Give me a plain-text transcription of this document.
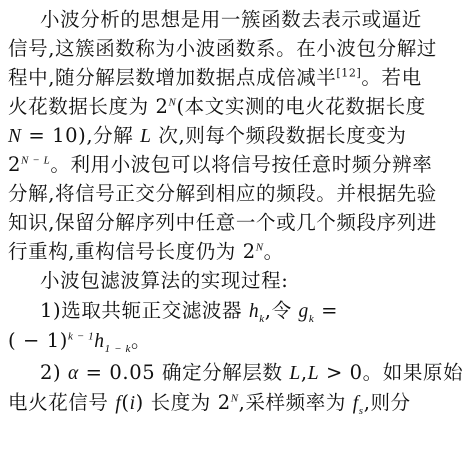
小波分析的思想是用一簇函数去表示或逼近
信号,这簇函数称为小波函数系。在小波包分解过
程中,随分解层数增加数据点成倍减半[12]。若电
火花数据长度为 $2^N$(本文实测的电火花数据长度
N = 10),分解 L 次,则每个频段数据长度变为
$2^{N - L}$。利用小波包可以将信号按任意时频分辨率
分解,将信号正交分解到相应的频段。并根据先验
知识,保留分解序列中任意一个或几个频段序列进
行重构,重构信号长度仍为 $2^N$。
小波包滤波算法的实现过程:
1)选取共轭正交滤波器 $h_k$,令 $g_k$ =
( − $1)^{k - 1}h_{1 - k}$。
2) α = 0.05 确定分解层数 L,L > 0。如果原始
电火花信号 f(i) 长度为 $2^N$,采样频率为 $f_s$,则分
